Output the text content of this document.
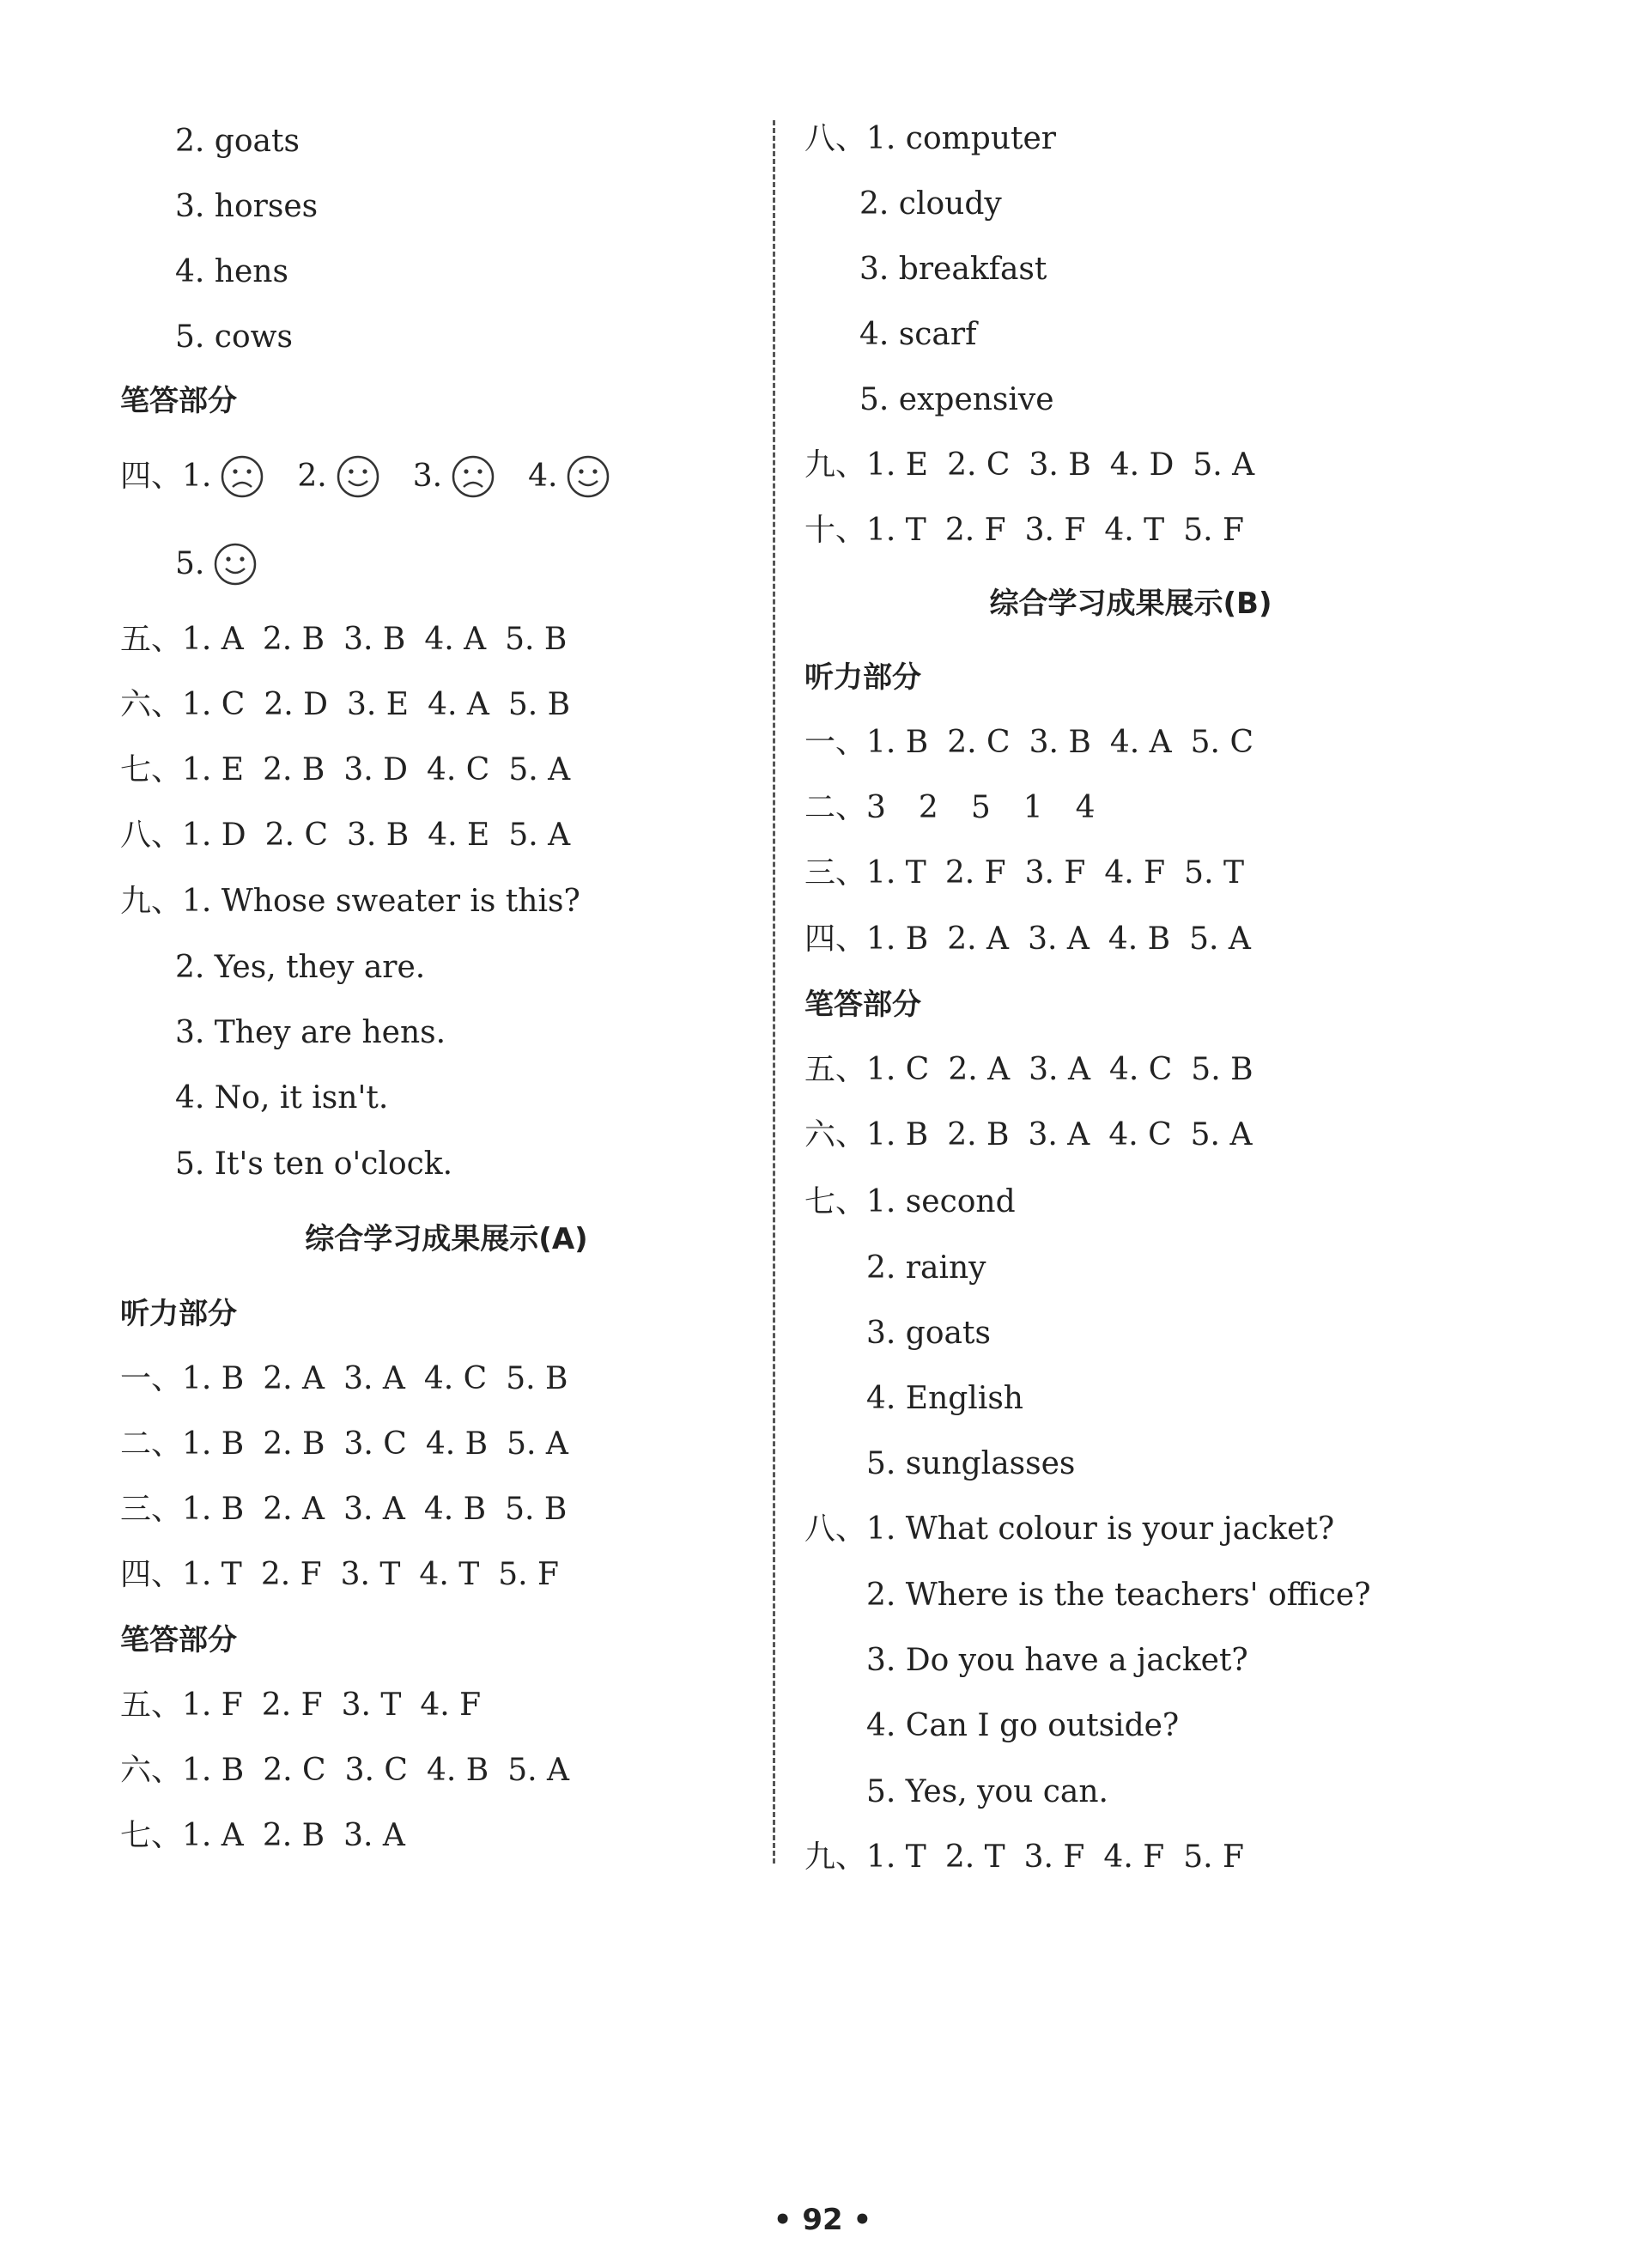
2. goats
3. horses
4. hens
5. cows
笔答部分
四、 1.	2.	3.	4.
5.
五、 1. A 2. B 3. B 4. A 5. B
六、 1. C 2. D 3. E 4. A 5. B
七、 1. E 2. B 3. D 4. C 5. A
八、 1. D 2. C 3. B 4. E 5. A
九、 1. Whose sweater is this?
2. Yes, they are.
3. They are hens.
4. No, it isn't.
5. It's ten o'clock.
综合学习成果展示(A)
听力部分
一、 1. B 2. A 3. A 4. C 5. B
二、 1. B 2. B 3. C 4. B 5. A
三、 1. B 2. A 3. A 4. B 5. B
四、 1. T 2. F 3. T 4. T 5. F
笔答部分
五、 1. F 2. F 3. T 4. F
六、 1. B 2. C 3. C 4. B 5. A
七、 1. A 2. B 3. A
八、 1. computer
2. cloudy
3. breakfast
4. scarf
5. expensive
九、 1. E 2. C 3. B 4. D 5. A
十、 1. T 2. F 3. F 4. T 5. F
综合学习成果展示(B)
听力部分
一、 1. B 2. C 3. B 4. A 5. C
二、 3 2 5 1 4
三、 1. T 2. F 3. F 4. F 5. T
四、 1. B 2. A 3. A 4. B 5. A
笔答部分
五、 1. C 2. A 3. A 4. C 5. B
六、 1. B 2. B 3. A 4. C 5. A
七、 1. second
2. rainy
3. goats
4. English
5. sunglasses
八、 1. What colour is your jacket?
2. Where is the teachers' office?
3. Do you have a jacket?
4. Can I go outside?
5. Yes, you can.
九、 1. T 2. T 3. F 4. F 5. F
• 92 •
